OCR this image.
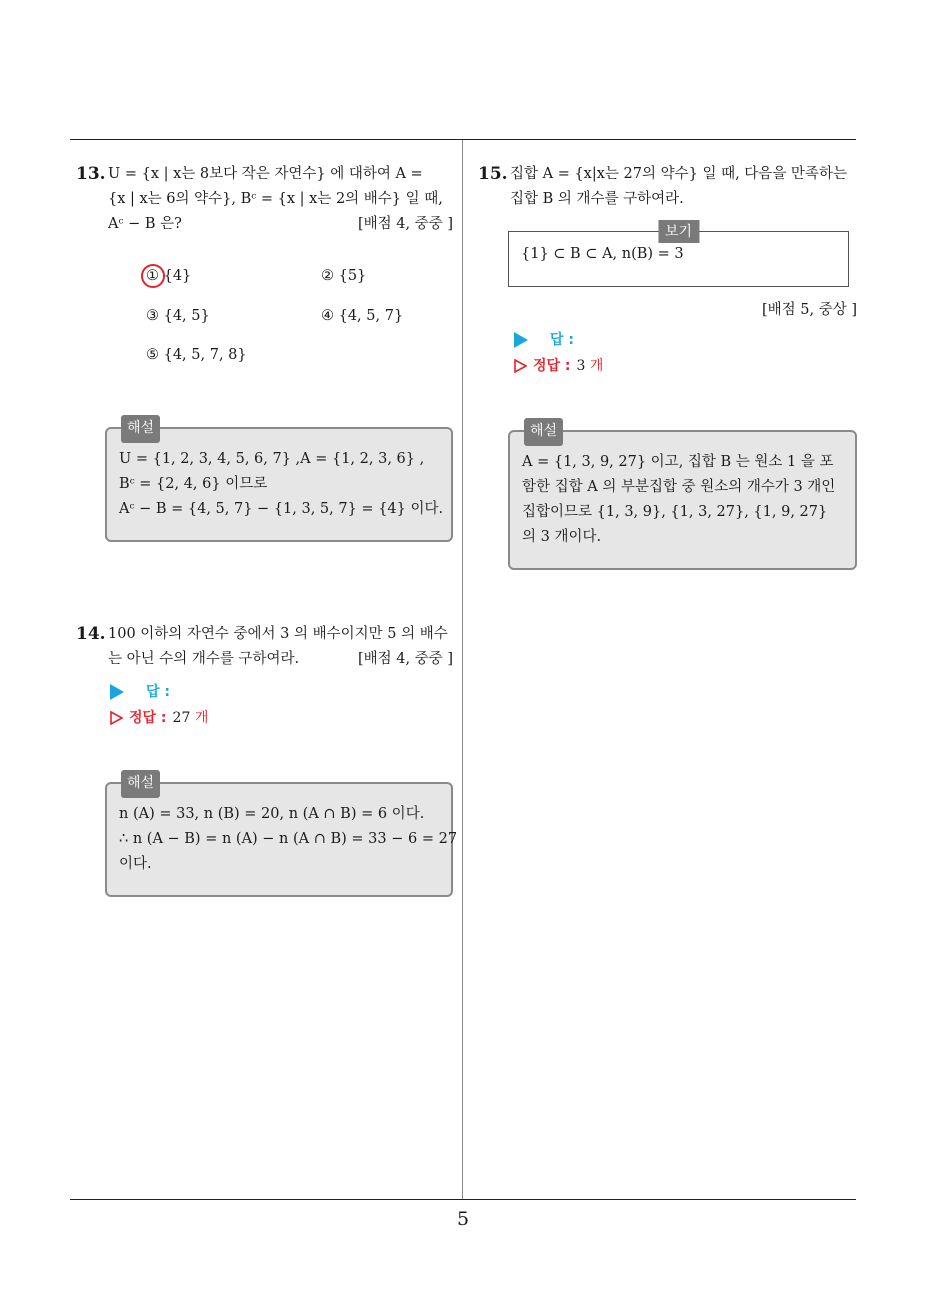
13. U = {x | x는 8보다 작은 자연수} 에 대하여 A =
{x | x는 6의 약수}, Bᶜ = {x | x는 2의 배수} 일 때,
Aᶜ − B 은?	[배점 4, 중중 ]
① {4}	② {5}
③ {4, 5}	④ {4, 5, 7}
⑤ {4, 5, 7, 8}
해설
U = {1, 2, 3, 4, 5, 6, 7} ,A = {1, 2, 3, 6} ,
Bᶜ = {2, 4, 6} 이므로
Aᶜ − B = {4, 5, 7} − {1, 3, 5, 7} = {4} 이다.
14. 100 이하의 자연수 중에서 3 의 배수이지만 5 의 배수
는 아닌 수의 개수를 구하여라.	[배점 4, 중중 ]
답 :
정답 : 27 개
해설
n (A) = 33, n (B) = 20, n (A ∩ B) = 6 이다.
∴ n (A − B) = n (A) − n (A ∩ B) = 33 − 6 = 27
이다.
15. 집합 A = {x|x는 27의 약수} 일 때, 다음을 만족하는
집합 B 의 개수를 구하여라.
보기
{1} ⊂ B ⊂ A, n(B) = 3
[배점 5, 중상 ]
답 :
정답 : 3 개
해설
A = {1, 3, 9, 27} 이고, 집합 B 는 원소 1 을 포
함한 집합 A 의 부분집합 중 원소의 개수가 3 개인
집합이므로 {1, 3, 9}, {1, 3, 27}, {1, 9, 27}
의 3 개이다.
5
